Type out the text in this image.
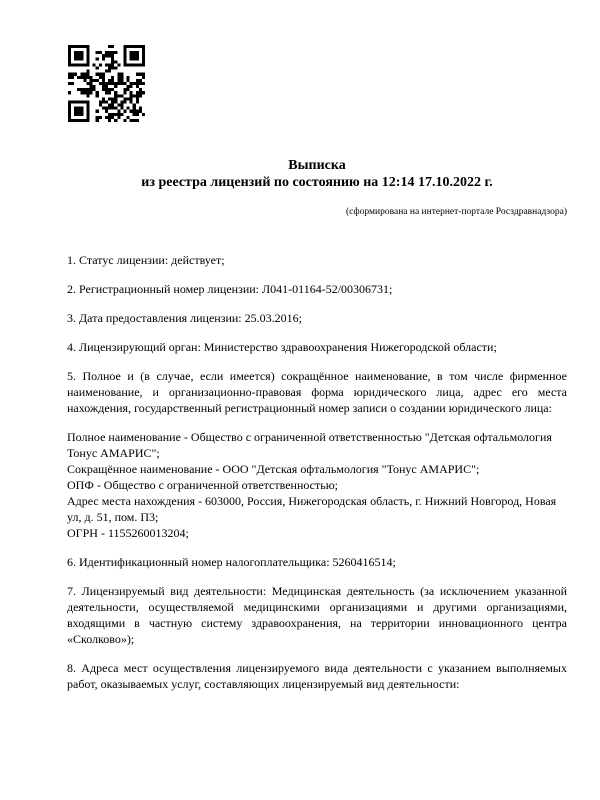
Выписка
из реестра лицензий по состоянию на 12:14 17.10.2022 г.
(сформирована на интернет-портале Росздравнадзора)

1. Статус лицензии: действует;

2. Регистрационный номер лицензии: Л041-01164-52/00306731;

3. Дата предоставления лицензии: 25.03.2016;

4. Лицензирующий орган: Министерство здравоохранения Нижегородской области;

5. Полное и (в случае, если имеется) сокращённое наименование, в том числе фирменное наименование, и организационно-правовая форма юридического лица, адрес его места нахождения, государственный регистрационный номер записи о создании юридического лица:

Полное наименование - Общество с ограниченной ответственностью "Детская офтальмология Тонус АМАРИС";
Сокращённое наименование - ООО "Детская офтальмология "Тонус АМАРИС";
ОПФ - Общество с ограниченной ответственностью;
Адрес места нахождения - 603000, Россия, Нижегородская область, г. Нижний Новгород, Новая ул, д. 51, пом. П3;
ОГРН - 1155260013204;

6. Идентификационный номер налогоплательщика: 5260416514;

7. Лицензируемый вид деятельности: Медицинская деятельность (за исключением указанной деятельности, осуществляемой медицинскими организациями и другими организациями, входящими в частную систему здравоохранения, на территории инновационного центра «Сколково»);

8. Адреса мест осуществления лицензируемого вида деятельности с указанием выполняемых работ, оказываемых услуг, составляющих лицензируемый вид деятельности:
